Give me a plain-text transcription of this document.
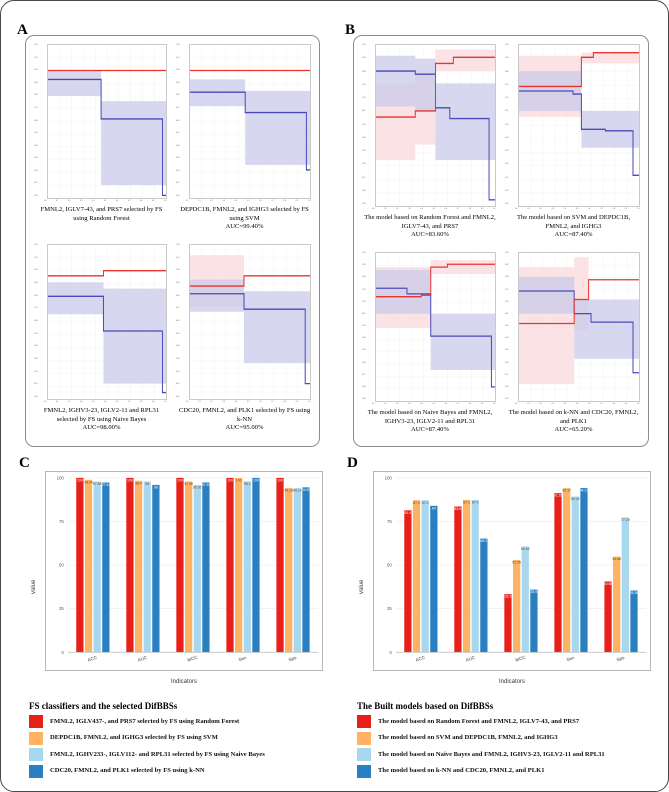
A
1.20
1.10
1.00
0.90
0.80
0.70
0.60
0.50
0.40
0.30
0.20
0.10
0.00
0.0	0.1	0.2	0.3	0.4	0.5	0.6	0.7	0.8	0.9	1.0
FMNL2, IGLV7-43, and PRS7 selected by FS using Random Forest
1.20
1.10
1.00
0.90
0.80
0.70
0.60
0.50
0.40
0.30
0.20
0.10
0.00
0.0	0.1	0.2	0.3	0.4	0.5	0.6	0.7	0.8	0.9	1.0
DEPDC1B, FMNL2, and IGHG3 selected by FS using SVM
AUC=99.40%
1.20
1.10
1.00
0.90
0.80
0.70
0.60
0.50
0.40
0.30
0.20
0.10
0.00
0.0	0.1	0.2	0.3	0.4	0.5	0.6	0.7	0.8	0.9	1.0
FMNL2, IGHV3-23, IGLV2-11 and RPL31 selected by FS using Naive Bayes
AUC=98.00%
1.20
1.10
1.00
0.90
0.80
0.70
0.60
0.50
0.40
0.30
0.20
0.10
0.00
0.0	0.1	0.2	0.3	0.4	0.5	0.6	0.7	0.8	0.9	1.0
CDC20, FMNL2, and PLK1 selected by FS using k-NN
AUC=95.00%
B
1.05
0.96
0.88
0.79
0.70
0.61
0.53
0.44
0.35
0.26
0.17
0.09
0.00
0.0	0.1	0.2	0.3	0.4	0.5	0.6	0.7	0.8	0.9	1.0
The model based on Random Forest and FMNL2, IGLV7-43, and PRS7
AUC=83.60%
1.05
0.96
0.88
0.79
0.70
0.61
0.53
0.44
0.35
0.26
0.17
0.09
0.00
0.0	0.1	0.2	0.3	0.4	0.5	0.6	0.7	0.8	0.9	1.0
The model based on SVM and DEPDC1B, FMNL2, and IGHG3
AUC=87.40%
1.05
0.96
0.88
0.79
0.70
0.61
0.53
0.44
0.35
0.26
0.17
0.09
0.00
0.0	0.1	0.2	0.3	0.4	0.5	0.6	0.7	0.8	0.9	1.0
The model based on Naive Bayes and FMNL2, IGHV3-23, IGLV2-11 and RPL31
AUC=87.40%
1.05
0.96
0.88
0.79
0.70
0.61
0.53
0.44
0.35
0.26
0.17
0.09
0.00
0.0	0.1	0.2	0.3	0.4	0.5	0.6	0.7	0.8	0.9	1.0
The model based on k-NN and CDC20, FMNL2, and PLK1
AUC=65.20%
C
0
25
50
75
100	100 98.94 97.88 97.34
ACC
100
98.4 98
96
AUC
100
97.98
95.92
97.39
MCC
100 100
98.1
100
Sen
100
94.19 94.19 94.59
Spe
value
Indicators
D
0
25
50
75
100
81.4
87.2 87.2
84
ACC
83.6
87.2 87.4
65.2
AUC
33.3
52.95
60.69
35.9
MCC
91.26
94.17
89.32
94.17
Sen
40.58
54.86
77.29
35.36
Spe
value
Indicators
FS classifiers and the selected DifBBSs
FMNL2, IGLV437-, and PRS7 selected by FS using Random Forest
DEPDC1B, FMNL2, and IGHG3 selected by FS using SVM
FMNL2, IGHV233-, IGLV112- and RPL31 selected by FS using Naive Bayes
CDC20, FMNL2, and PLK1 selected by FS using k-NN
The Built models based on DifBBSs
The model based on Random Forest and FMNL2, IGLV7-43, and PRS7
The model based on SVM and DEPDC1B, FMNL2, and IGHG3
The model based on Naive Bayes and FMNL2, IGHV3-23, IGLV2-11 and RPL31
The model based on k-NN and CDC20, FMNL2, and PLK1
